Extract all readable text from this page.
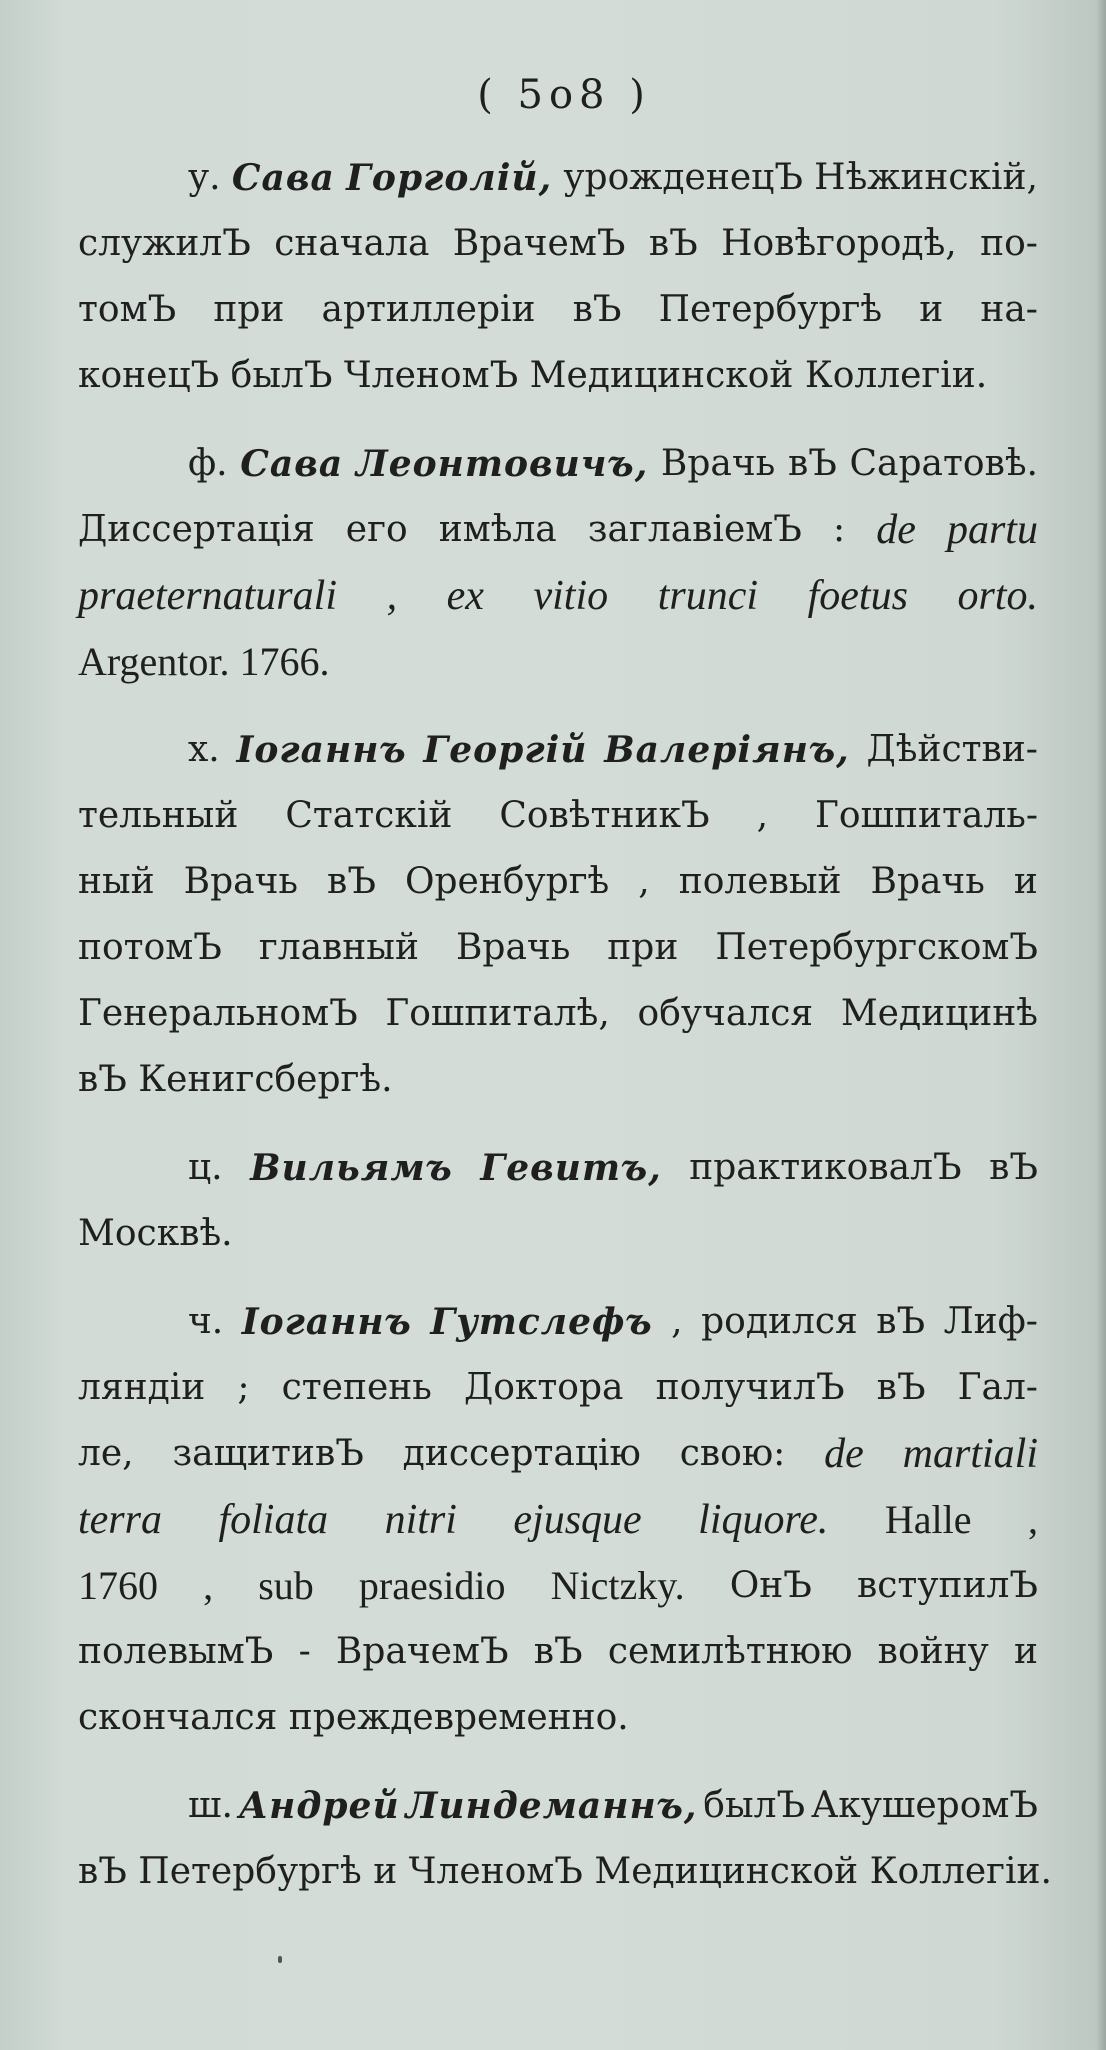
( 5о8 )
у. Сава Горголій, урожденецЪ Нѣжинскій,
служилЪ сначала ВрачемЪ вЪ Новѣгородѣ, по-
томЪ при артиллеріи вЪ Петербургѣ и на-
конецЪ былЪ ЧленомЪ Медицинской Коллегіи.
ф. Сава Леонтовичъ, Врачь вЪ Саратовѣ.
Диссертація его имѣла заглавіемЪ : de partu
praeternaturali , ex vitio trunci foetus orto.
Argentor. 1766.
х. Іоганнъ Георгій Валеріянъ, Дѣйстви-
тельный Статскій СовѣтникЪ , Гошпиталь-
ный Врачь вЪ Оренбургѣ , полевый Врачь и
потомЪ главный Врачь при ПетербургскомЪ
ГенеральномЪ Гошпиталѣ, обучался Медицинѣ
вЪ Кенигсбергѣ.
ц. Вильямъ Гевитъ, практиковалЪ вЪ
Москвѣ.
ч. Іоганнъ Гутслефъ , родился вЪ Лиф-
ляндіи ; степень Доктора получилЪ вЪ Гал-
ле, защитивЪ диссертацію свою: de martiali
terra foliata nitri ejusque liquore. Halle ,
1760 , sub praesidio Nictzky. ОнЪ вступилЪ
полевымЪ - ВрачемЪ вЪ семилѣтнюю войну и
скончался преждевременно.
ш. Андрей Линдеманнъ, былЪ АкушеромЪ
вЪ Петербургѣ и ЧленомЪ Медицинской Коллегіи.
